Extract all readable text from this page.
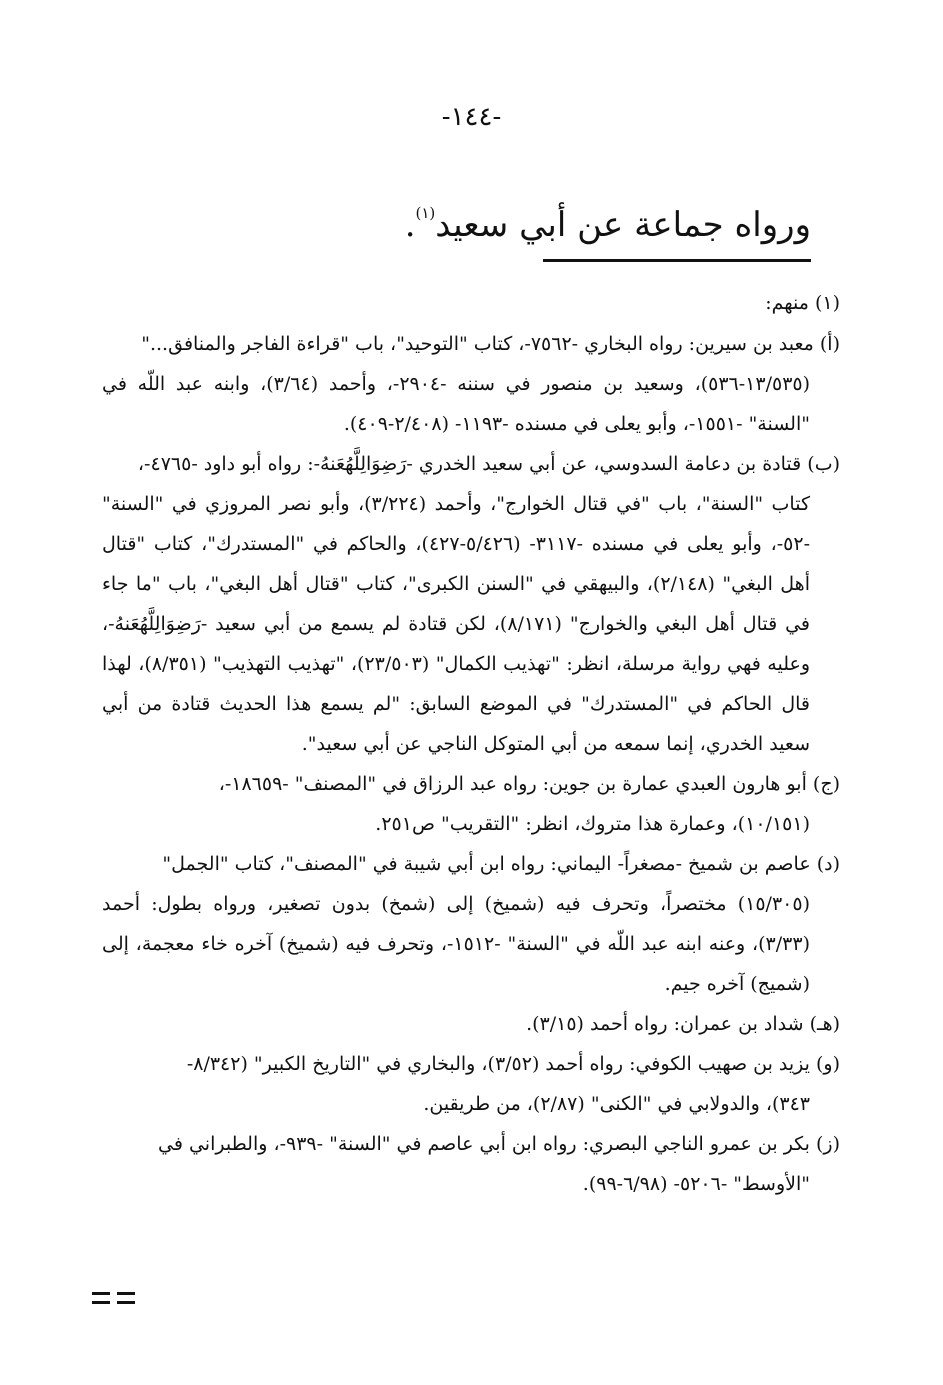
-١٤٤-
ورواه جماعة عن أبي سعيد$^{(١)}$.

(١) منهم:

(أ) معبد بن سيرين: رواه البخاري -٧٥٦٢-، كتاب "التوحيد"، باب "قراءة الفاجر والمنافق..."
(١٣/٥٣٥-٥٣٦)، وسعيد بن منصور في سننه -٢٩٠٤-، وأحمد (٣/٦٤)، وابنه عبد اللّه في "السنة" -١٥٥١-، وأبو يعلى في مسنده -١١٩٣- (٢/٤٠٨-٤٠٩).

(ب) قتادة بن دعامة السدوسي، عن أبي سعيد الخدري -رَضِوَالِلَّهُعَنهُ-: رواه أبو داود -٤٧٦٥-،
كتاب "السنة"، باب "في قتال الخوارج"، وأحمد (٣/٢٢٤)، وأبو نصر المروزي في "السنة" -٥٢-، وأبو يعلى في مسنده -٣١١٧- (٥/٤٢٦-٤٢٧)، والحاكم في "المستدرك"، كتاب "قتال أهل البغي" (٢/١٤٨)، والبيهقي في "السنن الكبرى"، كتاب "قتال أهل البغي"، باب "ما جاء في قتال أهل البغي والخوارج" (٨/١٧١)، لكن قتادة لم يسمع من أبي سعيد -رَضِوَالِلَّهُعَنهُ-، وعليه فهي رواية مرسلة، انظر: "تهذيب الكمال" (٢٣/٥٠٣)، "تهذيب التهذيب" (٨/٣٥١)، لهذا قال الحاكم في "المستدرك" في الموضع السابق: "لم يسمع هذا الحديث قتادة من أبي سعيد الخدري، إنما سمعه من أبي المتوكل الناجي عن أبي سعيد".

(ج) أبو هارون العبدي عمارة بن جوين: رواه عبد الرزاق في "المصنف" -١٨٦٥٩-،
(١٠/١٥١)، وعمارة هذا متروك، انظر: "التقريب" ص٢٥١.

(د) عاصم بن شميخ -مصغراً- اليماني: رواه ابن أبي شيبة في "المصنف"، كتاب "الجمل"
(١٥/٣٠٥) مختصراً، وتحرف فيه (شميخ) إلى (شمخ) بدون تصغير، ورواه بطول: أحمد (٣/٣٣)، وعنه ابنه عبد اللّه في "السنة" -١٥١٢-، وتحرف فيه (شميخ) آخره خاء معجمة، إلى (شميج) آخره جيم.

(هـ) شداد بن عمران: رواه أحمد (٣/١٥).

(و) يزيد بن صهيب الكوفي: رواه أحمد (٣/٥٢)، والبخاري في "التاريخ الكبير" (٨/٣٤٢-
٣٤٣)، والدولابي في "الكنى" (٢/٨٧)، من طريقين.

(ز) بكر بن عمرو الناجي البصري: رواه ابن أبي عاصم في "السنة" -٩٣٩-، والطبراني في
"الأوسط" -٥٢٠٦- (٦/٩٨-٩٩).
